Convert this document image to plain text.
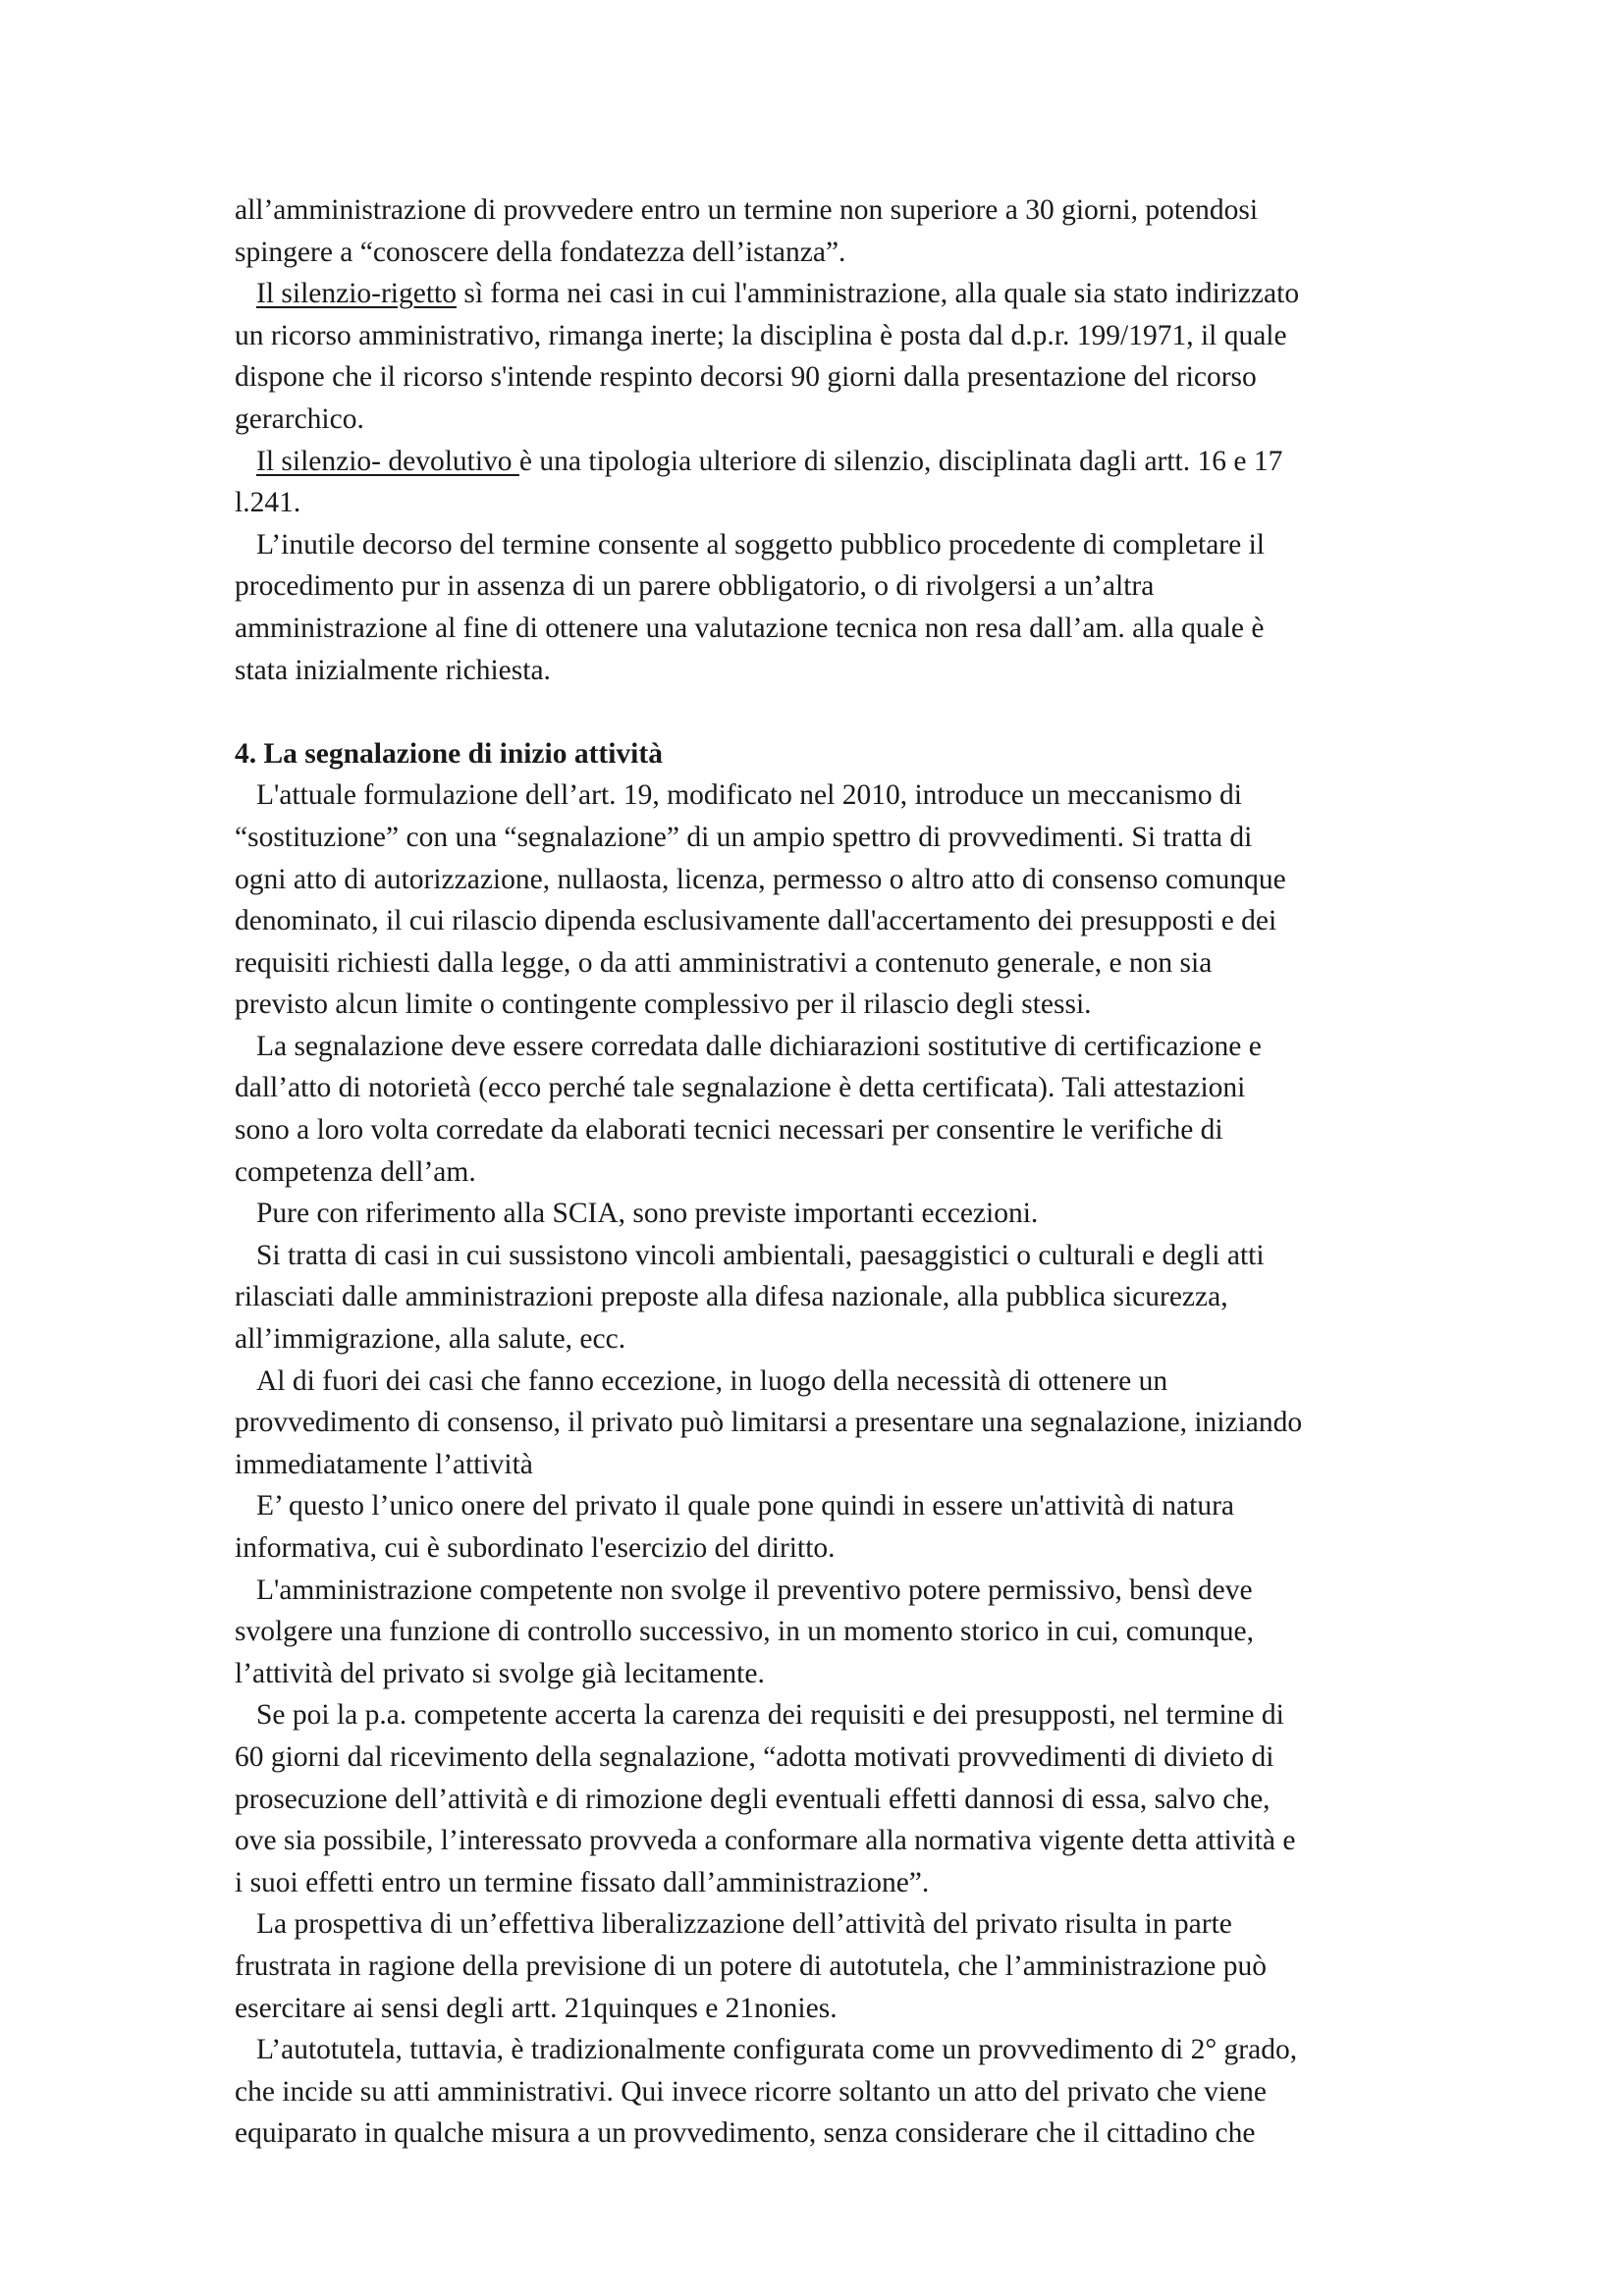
all’amministrazione di provvedere entro un termine non superiore a 30 giorni, potendosi
spingere a “conoscere della fondatezza dell’istanza”.
Il silenzio-rigetto sì forma nei casi in cui l'amministrazione, alla quale sia stato indirizzato
un ricorso amministrativo, rimanga inerte; la disciplina è posta dal d.p.r. 199/1971, il quale
dispone che il ricorso s'intende respinto decorsi 90 giorni dalla presentazione del ricorso
gerarchico.
Il silenzio- devolutivo è una tipologia ulteriore di silenzio, disciplinata dagli artt. 16 e 17
l.241.
L’inutile decorso del termine consente al soggetto pubblico procedente di completare il
procedimento pur in assenza di un parere obbligatorio, o di rivolgersi a un’altra
amministrazione al fine di ottenere una valutazione tecnica non resa dall’am. alla quale è
stata inizialmente richiesta.
4. La segnalazione di inizio attività
L'attuale formulazione dell’art. 19, modificato nel 2010, introduce un meccanismo di
“sostituzione” con una “segnalazione” di un ampio spettro di provvedimenti. Si tratta di
ogni atto di autorizzazione, nullaosta, licenza, permesso o altro atto di consenso comunque
denominato, il cui rilascio dipenda esclusivamente dall'accertamento dei presupposti e dei
requisiti richiesti dalla legge, o da atti amministrativi a contenuto generale, e non sia
previsto alcun limite o contingente complessivo per il rilascio degli stessi.
La segnalazione deve essere corredata dalle dichiarazioni sostitutive di certificazione e
dall’atto di notorietà (ecco perché tale segnalazione è detta certificata). Tali attestazioni
sono a loro volta corredate da elaborati tecnici necessari per consentire le verifiche di
competenza dell’am.
Pure con riferimento alla SCIA, sono previste importanti eccezioni.
Si tratta di casi in cui sussistono vincoli ambientali, paesaggistici o culturali e degli atti
rilasciati dalle amministrazioni preposte alla difesa nazionale, alla pubblica sicurezza,
all’immigrazione, alla salute, ecc.
Al di fuori dei casi che fanno eccezione, in luogo della necessità di ottenere un
provvedimento di consenso, il privato può limitarsi a presentare una segnalazione, iniziando
immediatamente l’attività
E’ questo l’unico onere del privato il quale pone quindi in essere un'attività di natura
informativa, cui è subordinato l'esercizio del diritto.
L'amministrazione competente non svolge il preventivo potere permissivo, bensì deve
svolgere una funzione di controllo successivo, in un momento storico in cui, comunque,
l’attività del privato si svolge già lecitamente.
Se poi la p.a. competente accerta la carenza dei requisiti e dei presupposti, nel termine di
60 giorni dal ricevimento della segnalazione, “adotta motivati provvedimenti di divieto di
prosecuzione dell’attività e di rimozione degli eventuali effetti dannosi di essa, salvo che,
ove sia possibile, l’interessato provveda a conformare alla normativa vigente detta attività e
i suoi effetti entro un termine fissato dall’amministrazione”.
La prospettiva di un’effettiva liberalizzazione dell’attività del privato risulta in parte
frustrata in ragione della previsione di un potere di autotutela, che l’amministrazione può
esercitare ai sensi degli artt. 21quinques e 21nonies.
L’autotutela, tuttavia, è tradizionalmente configurata come un provvedimento di 2° grado,
che incide su atti amministrativi. Qui invece ricorre soltanto un atto del privato che viene
equiparato in qualche misura a un provvedimento, senza considerare che il cittadino che
